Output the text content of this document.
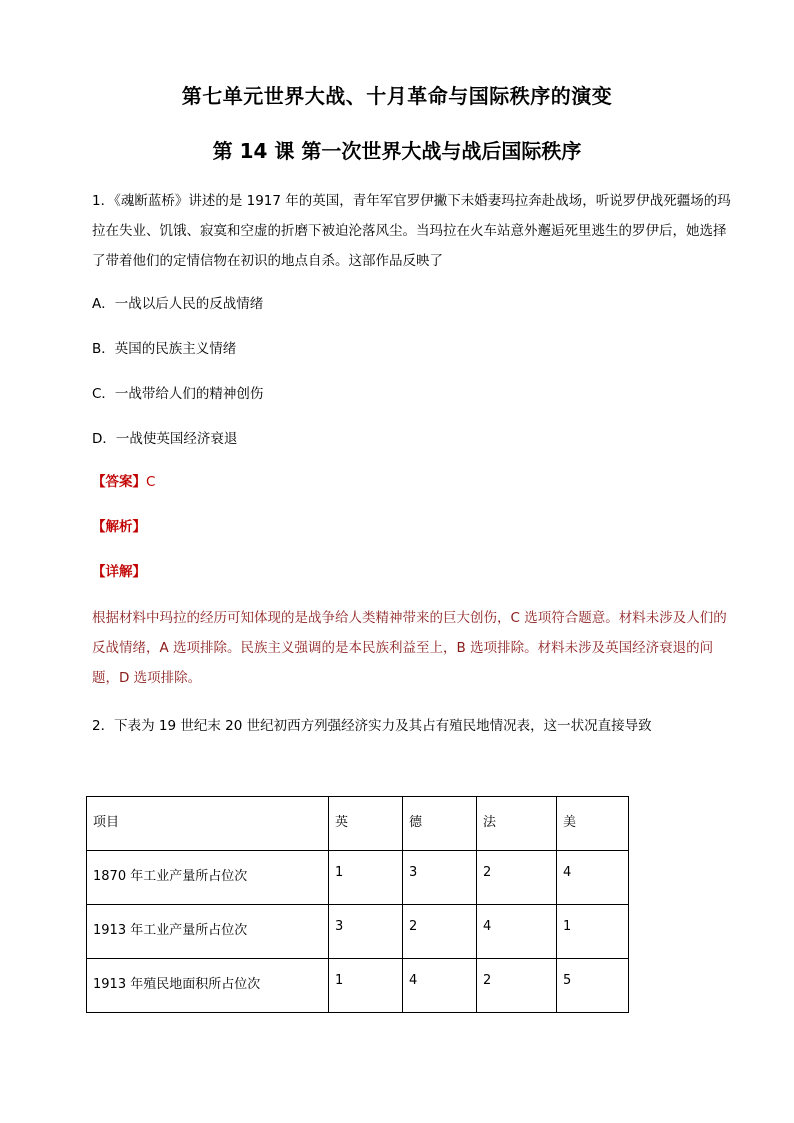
第七单元世界大战、十月革命与国际秩序的演变
第 14 课 第一次世界大战与战后国际秩序
1．《魂断蓝桥》讲述的是 1917 年的英国，青年军官罗伊撇下未婚妻玛拉奔赴战场，听说罗伊战死疆场的玛拉在失业、饥饿、寂寞和空虚的折磨下被迫沦落风尘。当玛拉在火车站意外邂逅死里逃生的罗伊后，她选择了带着他们的定情信物在初识的地点自杀。这部作品反映了
A．一战以后人民的反战情绪
B．英国的民族主义情绪
C．一战带给人们的精神创伤
D．一战使英国经济衰退
【答案】C
【解析】
【详解】
根据材料中玛拉的经历可知体现的是战争给人类精神带来的巨大创伤，C 选项符合题意。材料未涉及人们的反战情绪，A 选项排除。民族主义强调的是本民族利益至上，B 选项排除。材料未涉及英国经济衰退的问题，D 选项排除。
2．下表为 19 世纪末 20 世纪初西方列强经济实力及其占有殖民地情况表，这一状况直接导致
项目	英	德	法	美
1870 年工业产量所占位次	1	3	2	4
1913 年工业产量所占位次	3	2	4	1
1913 年殖民地面积所占位次	1	4	2	5
